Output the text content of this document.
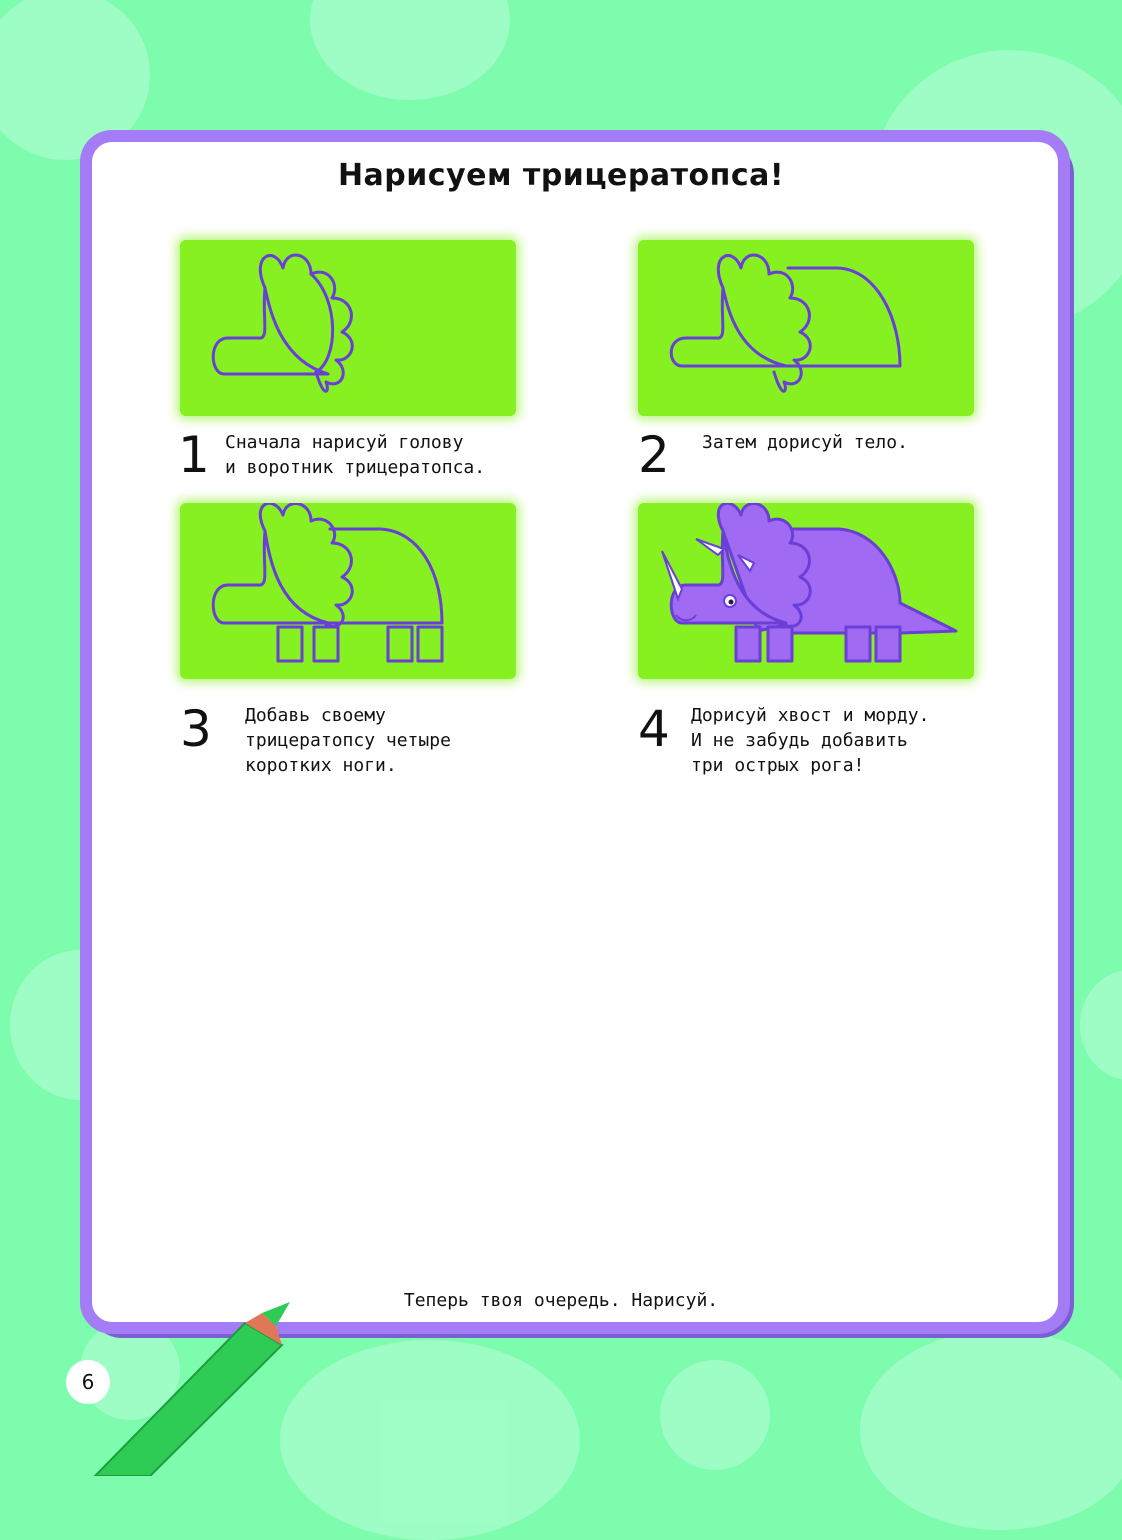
Нарисуем трицератопса!
1 Сначала нарисуй голову
и воротник трицератопса.	2 Затем дорисуй тело.
3 Добавь своему
трицератопсу четыре
коротких ноги.
4 Дорисуй хвост и морду.
И не забудь добавить
три острых рога!
Теперь твоя очередь. Нарисуй.
6
